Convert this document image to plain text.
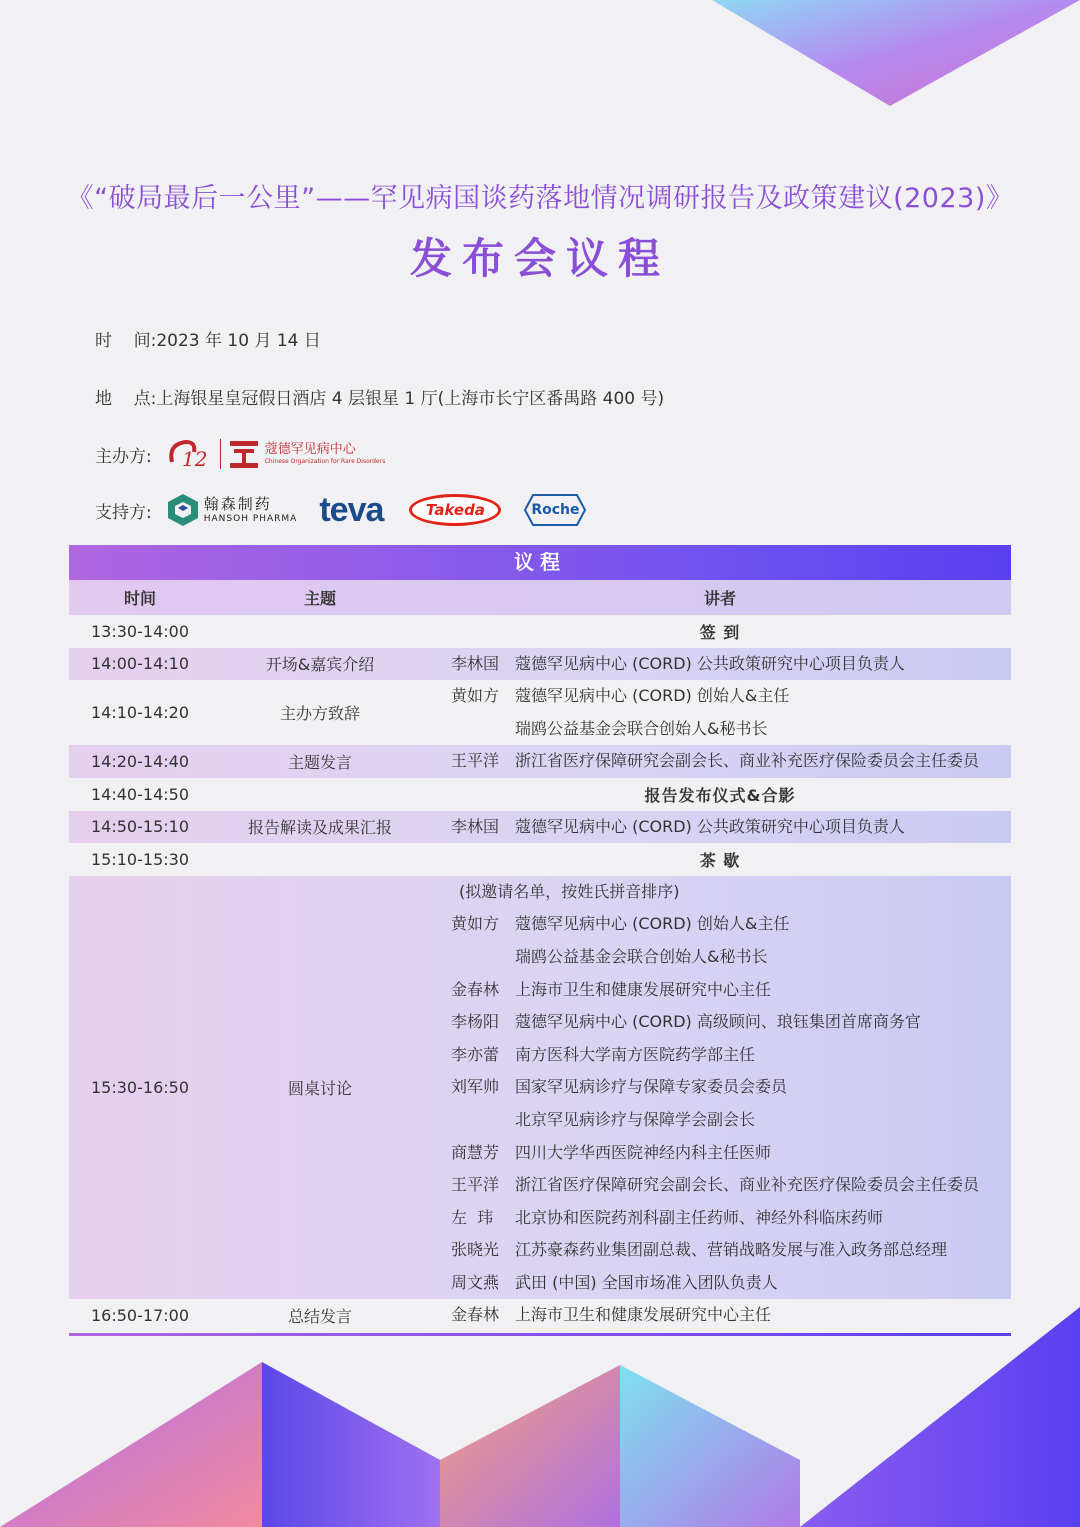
《“破局最后一公里”——罕见病国谈药落地情况调研报告及政策建议(2023)》
发布会议程
时    间:2023 年 10 月 14 日
地    点:上海银星皇冠假日酒店 4 层银星 1 厅(上海市长宁区番禺路 400 号)
主办方: 12	蔻德罕见病中心
Chinese Organization for Rare Disorders
支持方:	翰森制药
HANSOH PHARMA teva	Takeda	Roche
议程
时间	主题	讲者
13:30-14:00	签 到
14:00-14:10	开场&嘉宾介绍	李林国 蔻德罕见病中心 (CORD) 公共政策研究中心项目负责人
14:10-14:20	主办方致辞
黄如方 蔻德罕见病中心 (CORD) 创始人&主任
瑞鸥公益基金会联合创始人&秘书长
14:20-14:40	主题发言	王平洋 浙江省医疗保障研究会副会长、商业补充医疗保险委员会主任委员
14:40-14:50	报告发布仪式&合影
14:50-15:10	报告解读及成果汇报	李林国 蔻德罕见病中心 (CORD) 公共政策研究中心项目负责人
15:10-15:30	茶 歇
15:30-16:50	圆桌讨论
(拟邀请名单，按姓氏拼音排序)
黄如方 蔻德罕见病中心 (CORD) 创始人&主任
瑞鸥公益基金会联合创始人&秘书长
金春林 上海市卫生和健康发展研究中心主任
李杨阳 蔻德罕见病中心 (CORD) 高级顾问、琅钰集团首席商务官
李亦蕾 南方医科大学南方医院药学部主任
刘军帅 国家罕见病诊疗与保障专家委员会委员
北京罕见病诊疗与保障学会副会长
商慧芳 四川大学华西医院神经内科主任医师
王平洋 浙江省医疗保障研究会副会长、商业补充医疗保险委员会主任委员
左  玮	北京协和医院药剂科副主任药师、神经外科临床药师
张晓光 江苏豪森药业集团副总裁、营销战略发展与准入政务部总经理
周文燕 武田 (中国) 全国市场准入团队负责人
16:50-17:00	总结发言	金春林 上海市卫生和健康发展研究中心主任
